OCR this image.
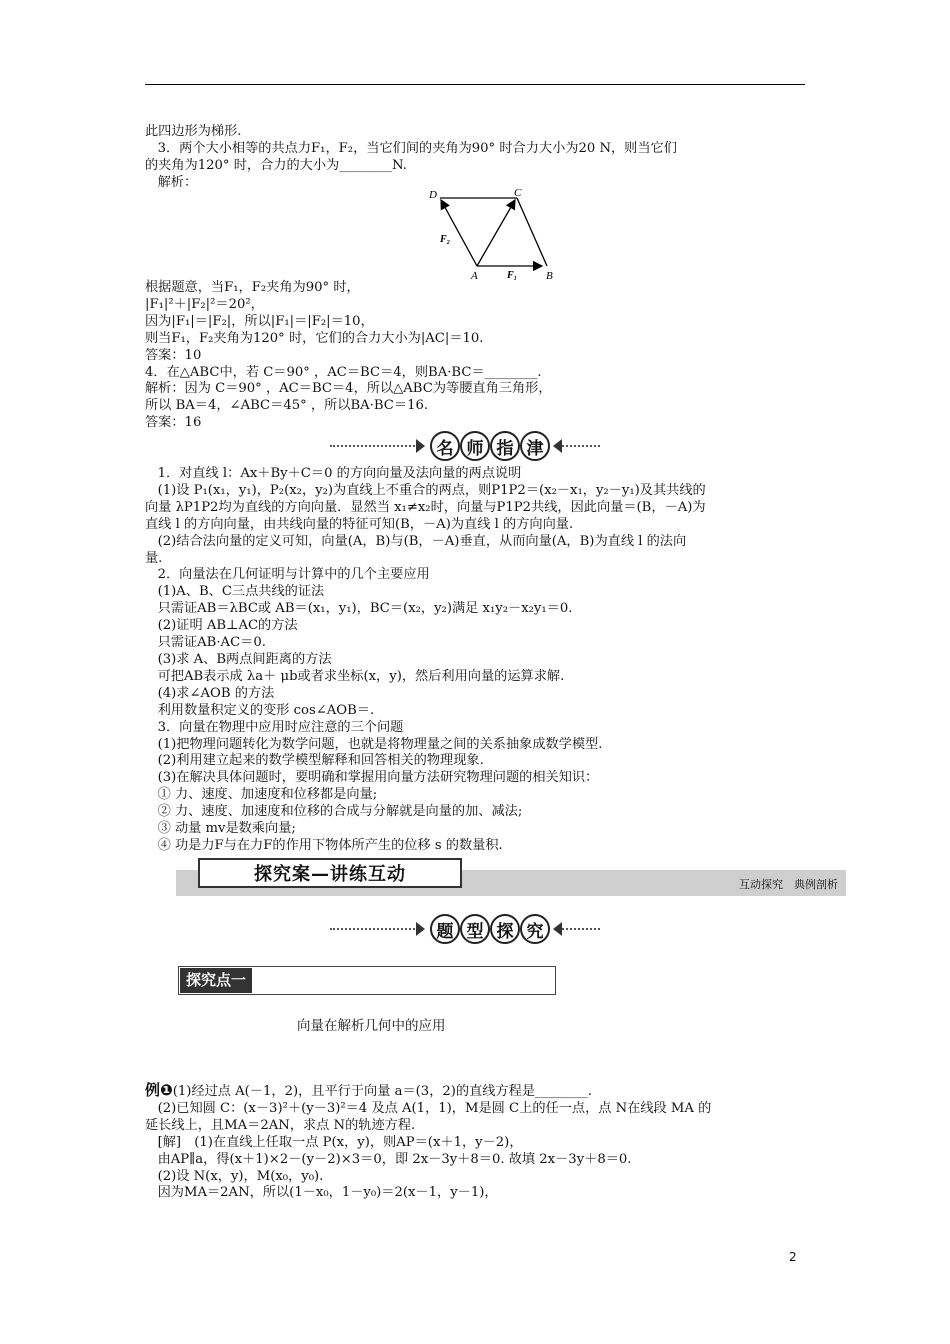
此四边形为梯形.
3．两个大小相等的共点力F₁，F₂，当它们间的夹角为90° 时合力大小为20 N，则当它们
的夹角为120° 时，合力的大小为________N.
解析：
D	C
A	B
F₁
F₂
根据题意，当F₁，F₂夹角为90° 时，
|F₁|²＋|F₂|²＝20²，
因为|F₁|＝|F₂|，所以|F₁|＝|F₂|＝10，
则当F₁，F₂夹角为120° 时，它们的合力大小为|AC|＝10.
答案：10
4．在△ABC中，若 C＝90° ，AC＝BC＝4，则BA·BC＝________.
解析：因为 C＝90° ，AC＝BC＝4，所以△ABC为等腰直角三角形，
所以 BA＝4，∠ABC＝45° ，所以BA·BC＝16.
答案：16
名 师 指 津
1．对直线 l：Ax＋By＋C＝0 的方向向量及法向量的两点说明
(1)设 P₁(x₁，y₁)，P₂(x₂，y₂)为直线上不重合的两点，则P1P2＝(x₂－x₁，y₂－y₁)及其共线的
向量 λP1P2均为直线的方向向量．显然当 x₁≠x₂时，向量与P1P2共线，因此向量＝(B，－A)为
直线 l 的方向向量，由共线向量的特征可知(B，－A)为直线 l 的方向向量.
(2)结合法向量的定义可知，向量(A，B)与(B，－A)垂直，从而向量(A，B)为直线 l 的法向
量.
2．向量法在几何证明与计算中的几个主要应用
(1)A、B、C三点共线的证法
只需证AB＝λBC或 AB＝(x₁，y₁)，BC＝(x₂，y₂)满足 x₁y₂－x₂y₁＝0.
(2)证明 AB⊥AC的方法
只需证AB·AC＝0.
(3)求 A、B两点间距离的方法
可把AB表示成 λa＋ μb或者求坐标(x，y)，然后利用向量的运算求解.
(4)求∠AOB 的方法
利用数量积定义的变形 cos∠AOB＝.
3．向量在物理中应用时应注意的三个问题
(1)把物理问题转化为数学问题，也就是将物理量之间的关系抽象成数学模型.
(2)利用建立起来的数学模型解释和回答相关的物理现象.
(3)在解决具体问题时，要明确和掌握用向量方法研究物理问题的相关知识：
① 力、速度、加速度和位移都是向量;
② 力、速度、加速度和位移的合成与分解就是向量的加、减法;
③ 动量 mv是数乘向量;
④ 功是力F与在力F的作用下物体所产生的位移 s 的数量积.
探究案—讲练互动	互动探究　典例剖析
题 型 探 究
探究点一
向量在解析几何中的应用
例❶(1)经过点 A(－1，2)，且平行于向量 a＝(3，2)的直线方程是________.
(2)已知圆 C：(x－3)²＋(y－3)²＝4 及点 A(1，1)，M是圆 C上的任一点，点 N在线段 MA 的
延长线上，且MA＝2AN，求点 N的轨迹方程.
[解]　(1)在直线上任取一点 P(x，y)，则AP＝(x＋1，y－2)，
由AP∥a，得(x＋1)×2－(y－2)×3＝0，即 2x－3y＋8＝0. 故填 2x－3y＋8＝0.
(2)设 N(x，y)，M(x₀，y₀).
因为MA＝2AN，所以(1－x₀，1－y₀)＝2(x－1，y－1)，
2
